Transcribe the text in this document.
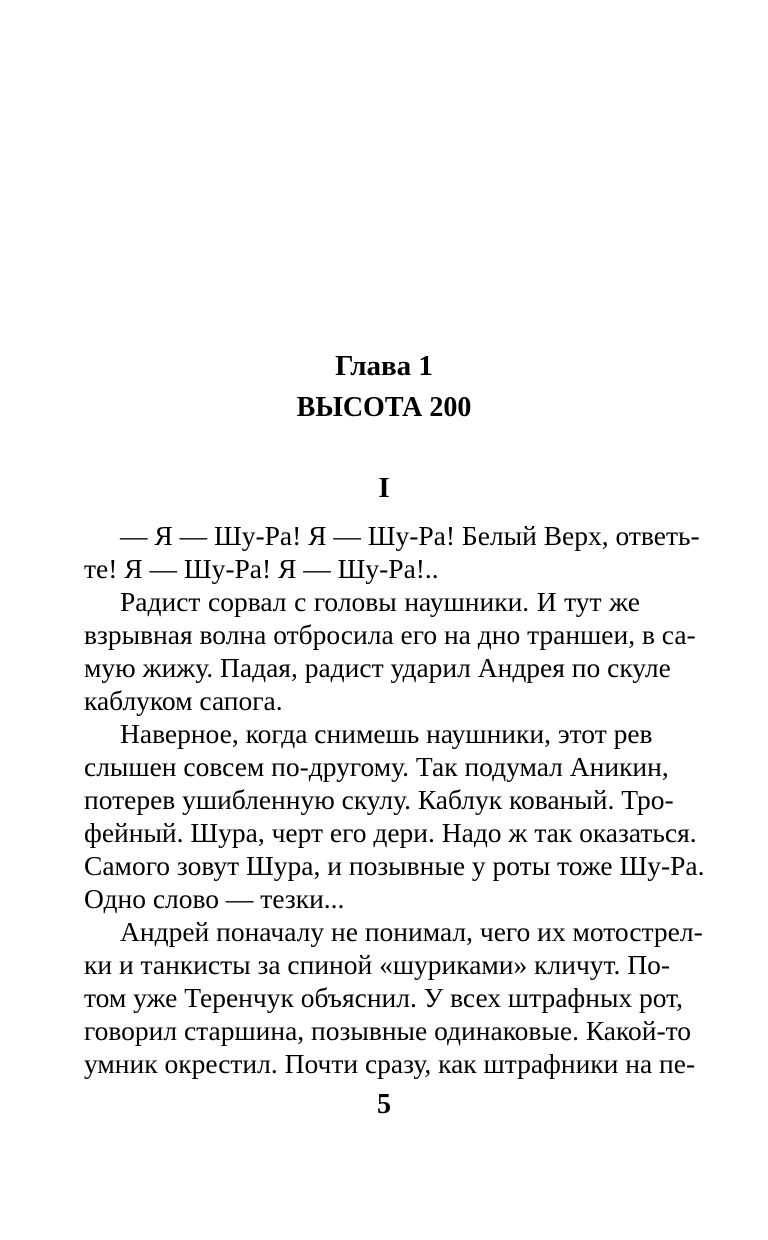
Глава 1
ВЫСОТА 200
I
— Я — Шу-Ра! Я — Шу-Ра! Белый Верх, ответь-
те! Я — Шу-Ра! Я — Шу-Ра!..
Радист сорвал с головы наушники. И тут же
взрывная волна отбросила его на дно траншеи, в са-
мую жижу. Падая, радист ударил Андрея по скуле
каблуком сапога.
Наверное, когда снимешь наушники, этот рев
слышен совсем по-другому. Так подумал Аникин,
потерев ушибленную скулу. Каблук кованый. Тро-
фейный. Шура, черт его дери. Надо ж так оказаться.
Самого зовут Шура, и позывные у роты тоже Шу-Ра.
Одно слово — тезки...
Андрей поначалу не понимал, чего их мотострел-
ки и танкисты за спиной «шуриками» кличут. По-
том уже Теренчук объяснил. У всех штрафных рот,
говорил старшина, позывные одинаковые. Какой-то
умник окрестил. Почти сразу, как штрафники на пе-
5
